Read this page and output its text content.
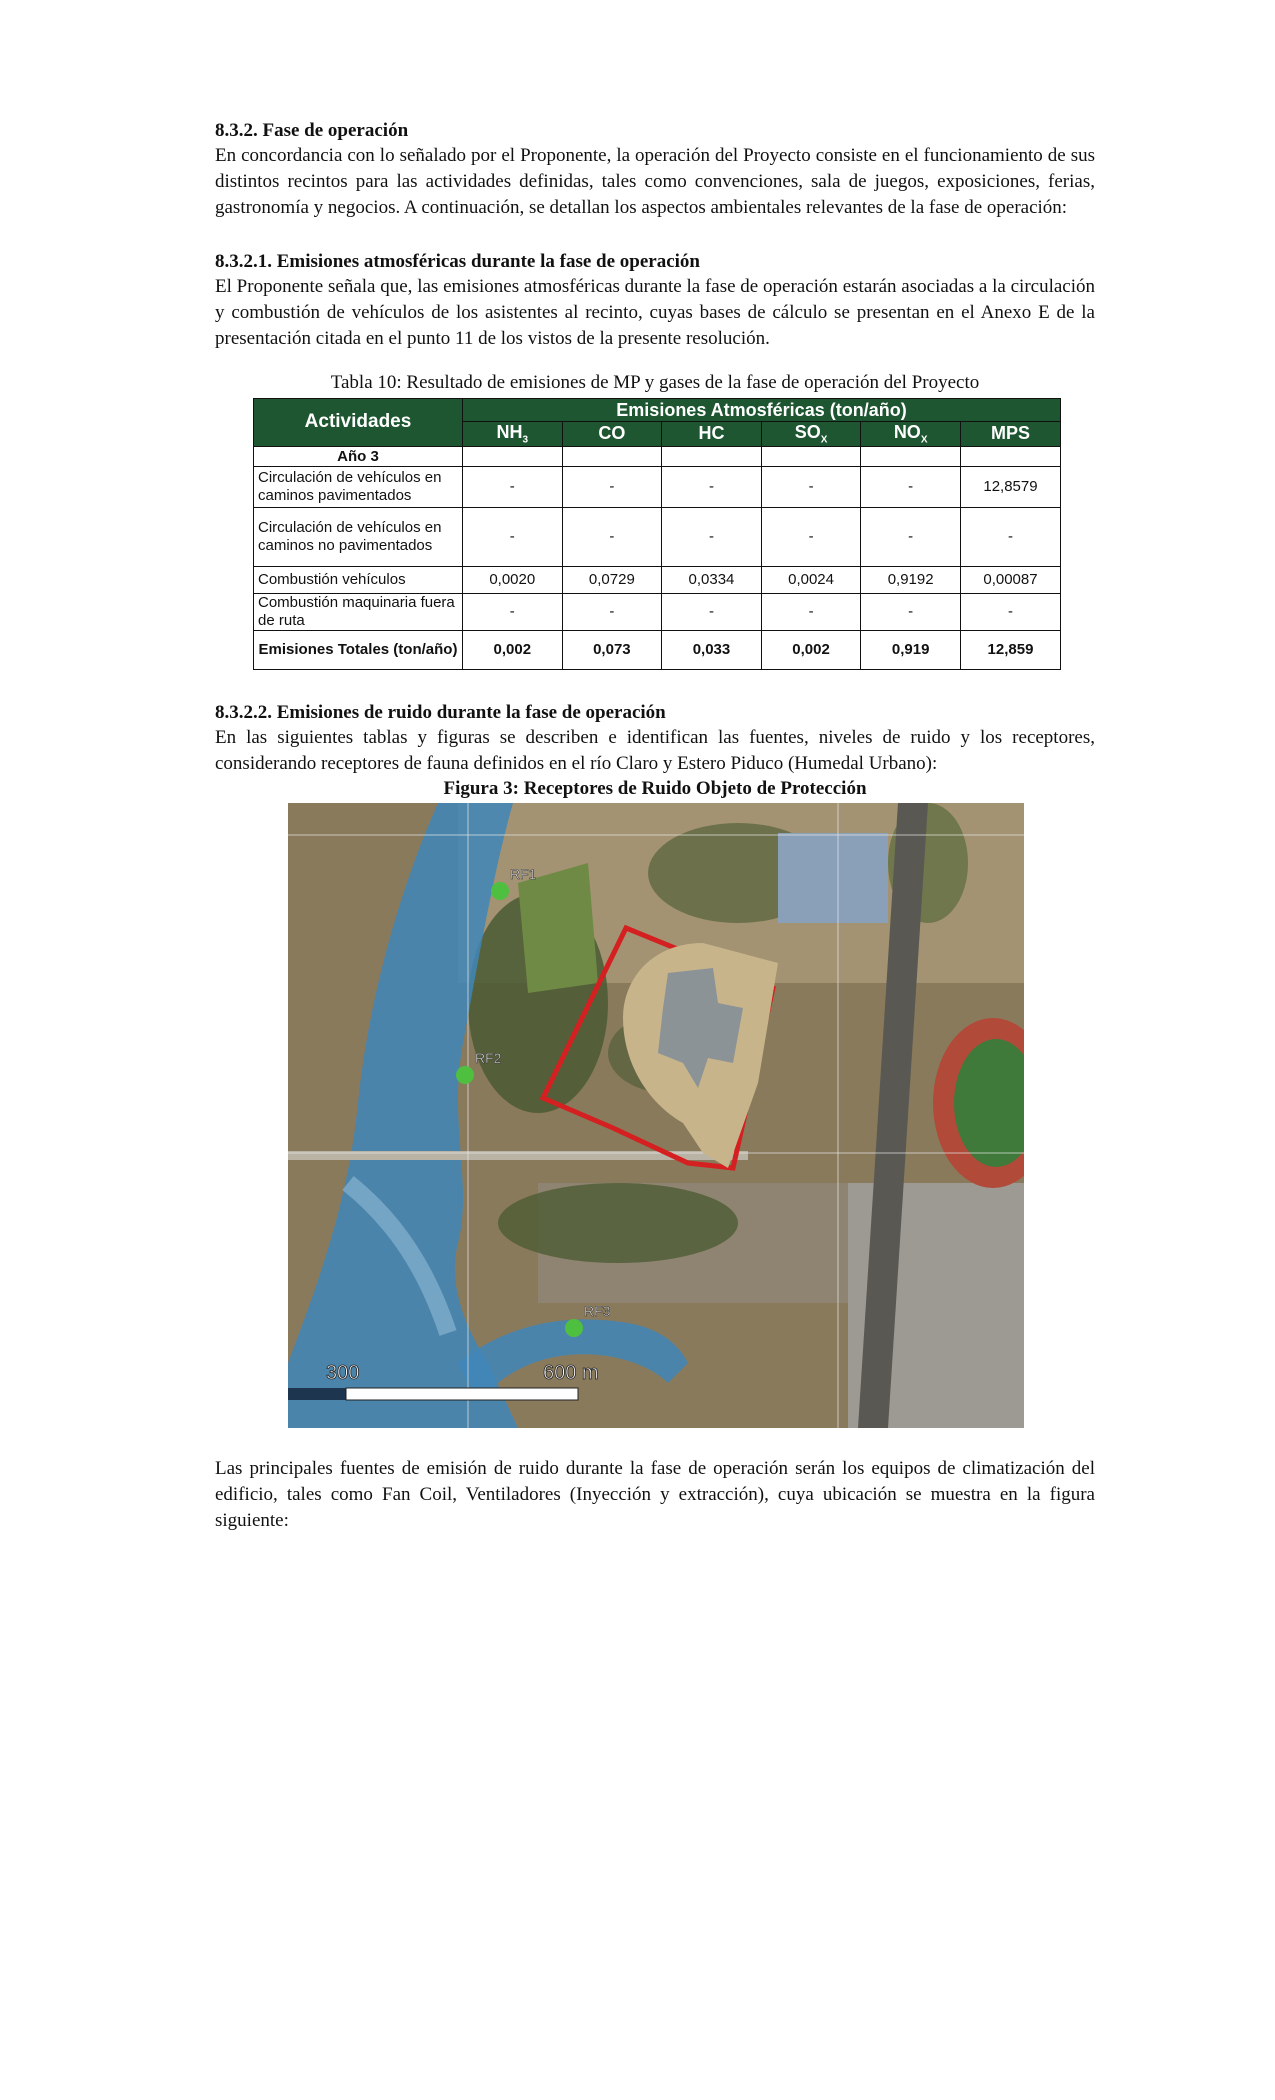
8.3.2. Fase de operación

En concordancia con lo señalado por el Proponente, la operación del Proyecto consiste en el funcionamiento de sus distintos recintos para las actividades definidas, tales como convenciones, sala de juegos, exposiciones, ferias, gastronomía y negocios. A continuación, se detallan los aspectos ambientales relevantes de la fase de operación:

8.3.2.1. Emisiones atmosféricas durante la fase de operación

El Proponente señala que, las emisiones atmosféricas durante la fase de operación estarán asociadas a la circulación y combustión de vehículos de los asistentes al recinto, cuyas bases de cálculo se presentan en el Anexo E de la presentación citada en el punto 11 de los vistos de la presente resolución.

Tabla 10: Resultado de emisiones de MP y gases de la fase de operación del Proyecto
Actividades	Emisiones Atmosféricas (ton/año)					
	$NH_3$	CO	HC	$SO_X$	$NO_X$	MPS
Año 3						
Circulación de vehículos en caminos pavimentados	-	-	-	-	-	12,8579
Circulación de vehículos en caminos no pavimentados	-	-	-	-	-	-
Combustión vehículos	0,0020	0,0729	0,0334	0,0024	0,9192	0,00087
Combustión maquinaria fuera de ruta	-	-	-	-	-	-
Emisiones Totales (ton/año)	0,002	0,073	0,033	0,002	0,919	12,859
8.3.2.2. Emisiones de ruido durante la fase de operación

En las siguientes tablas y figuras se describen e identifican las fuentes, niveles de ruido y los receptores, considerando receptores de fauna definidos en el río Claro y Estero Piduco (Humedal Urbano):

Figura 3: Receptores de Ruido Objeto de Protección
RF1
RF2
RF3
300	600 m

Las principales fuentes de emisión de ruido durante la fase de operación serán los equipos de climatización del edificio, tales como Fan Coil, Ventiladores (Inyección y extracción), cuya ubicación se muestra en la figura siguiente:
